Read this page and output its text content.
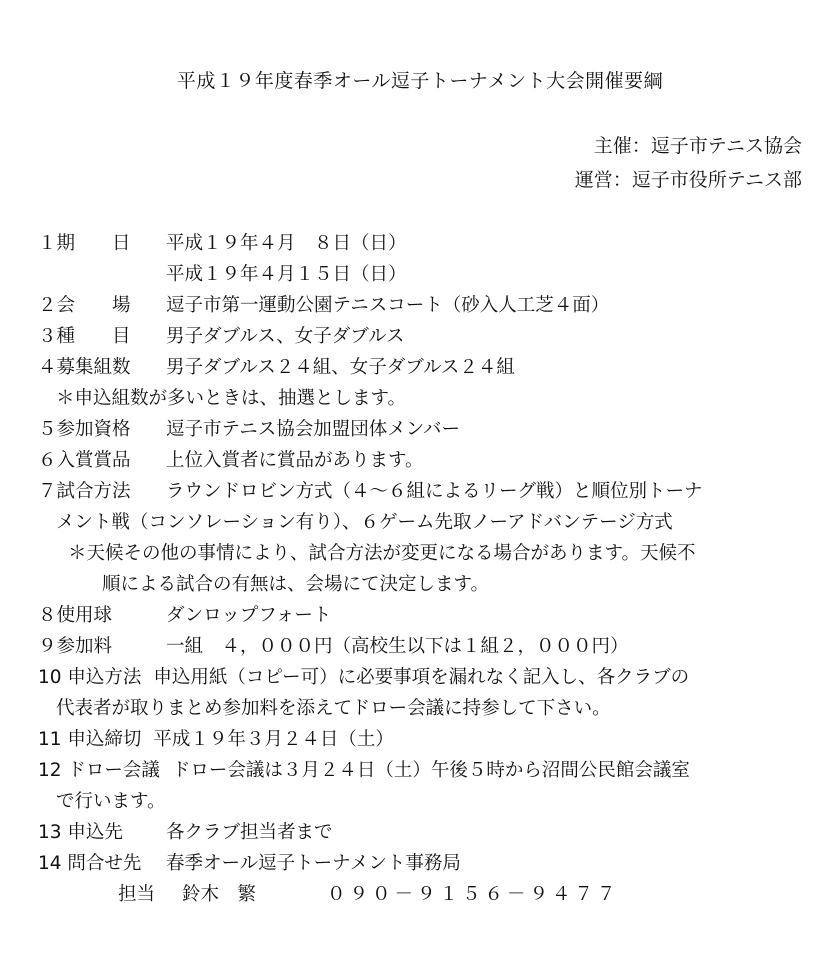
平成１９年度春季オール逗子トーナメント大会開催要綱
主催：逗子市テニス協会
運営：逗子市役所テニス部
１期　　日 平成１９年４月　８日（日）
平成１９年４月１５日（日）
２会　　場 逗子市第一運動公園テニスコート（砂入人工芝４面）
３種　　目 男子ダブルス、女子ダブルス
４募集組数 男子ダブルス２４組、女子ダブルス２４組
＊申込組数が多いときは、抽選とします。
５参加資格 逗子市テニス協会加盟団体メンバー
６入賞賞品 上位入賞者に賞品があります。
７試合方法 ラウンドロビン方式（４～６組によるリーグ戦）と順位別トーナ
メント戦（コンソレーション有り）、６ゲーム先取ノーアドバンテージ方式
＊天候その他の事情により、試合方法が変更になる場合があります。天候不
順による試合の有無は、会場にて決定します。
８使用球	ダンロップフォート
９参加料	一組　４，０００円（高校生以下は１組２，０００円）
10 申込方法 申込用紙（コピー可）に必要事項を漏れなく記入し、各クラブの
代表者が取りまとめ参加料を添えてドロー会議に持参して下さい。
11 申込締切 平成１９年３月２４日（土）
12 ドロー会議 ドロー会議は３月２４日（土）午後５時から沼間公民館会議室
で行います。
13 申込先 各クラブ担当者まで
14 問合せ先 春季オール逗子トーナメント事務局
担当 鈴木　繁	０９０－９１５６－９４７７
